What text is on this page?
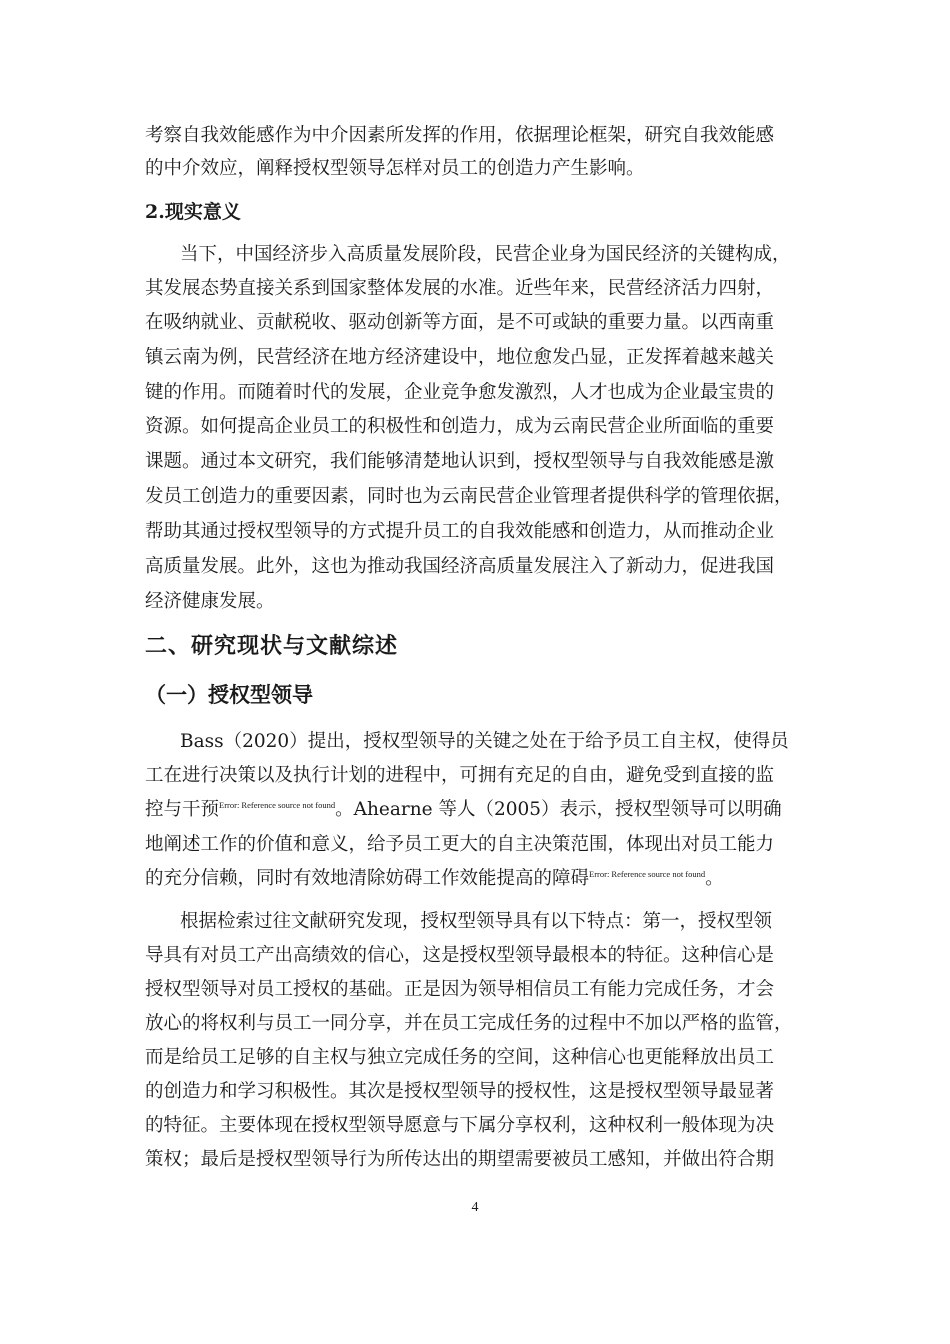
考察自我效能感作为中介因素所发挥的作用，依据理论框架，研究自我效能感
的中介效应，阐释授权型领导怎样对员工的创造力产生影响。
2.现实意义
当下，中国经济步入高质量发展阶段，民营企业身为国民经济的关键构成，
其发展态势直接关系到国家整体发展的水准。近些年来，民营经济活力四射，
在吸纳就业、贡献税收、驱动创新等方面，是不可或缺的重要力量。以西南重
镇云南为例，民营经济在地方经济建设中，地位愈发凸显，正发挥着越来越关
键的作用。而随着时代的发展，企业竞争愈发激烈，人才也成为企业最宝贵的
资源。如何提高企业员工的积极性和创造力，成为云南民营企业所面临的重要
课题。通过本文研究，我们能够清楚地认识到，授权型领导与自我效能感是激
发员工创造力的重要因素，同时也为云南民营企业管理者提供科学的管理依据，
帮助其通过授权型领导的方式提升员工的自我效能感和创造力，从而推动企业
高质量发展。此外，这也为推动我国经济高质量发展注入了新动力，促进我国
经济健康发展。
二、研究现状与文献综述
（一）授权型领导
Bass（2020）提出，授权型领导的关键之处在于给予员工自主权，使得员
工在进行决策以及执行计划的进程中，可拥有充足的自由，避免受到直接的监
控与干预$^{Error: Reference source not found}$。Ahearne 等人（2005）表示，授权型领导可以明确
地阐述工作的价值和意义，给予员工更大的自主决策范围，体现出对员工能力
的充分信赖，同时有效地清除妨碍工作效能提高的障碍$^{Error: Reference source not found}$。
根据检索过往文献研究发现，授权型领导具有以下特点：第一，授权型领
导具有对员工产出高绩效的信心，这是授权型领导最根本的特征。这种信心是
授权型领导对员工授权的基础。正是因为领导相信员工有能力完成任务，才会
放心的将权利与员工一同分享，并在员工完成任务的过程中不加以严格的监管，
而是给员工足够的自主权与独立完成任务的空间，这种信心也更能释放出员工
的创造力和学习积极性。其次是授权型领导的授权性，这是授权型领导最显著
的特征。主要体现在授权型领导愿意与下属分享权利，这种权利一般体现为决
策权；最后是授权型领导行为所传达出的期望需要被员工感知，并做出符合期
4
